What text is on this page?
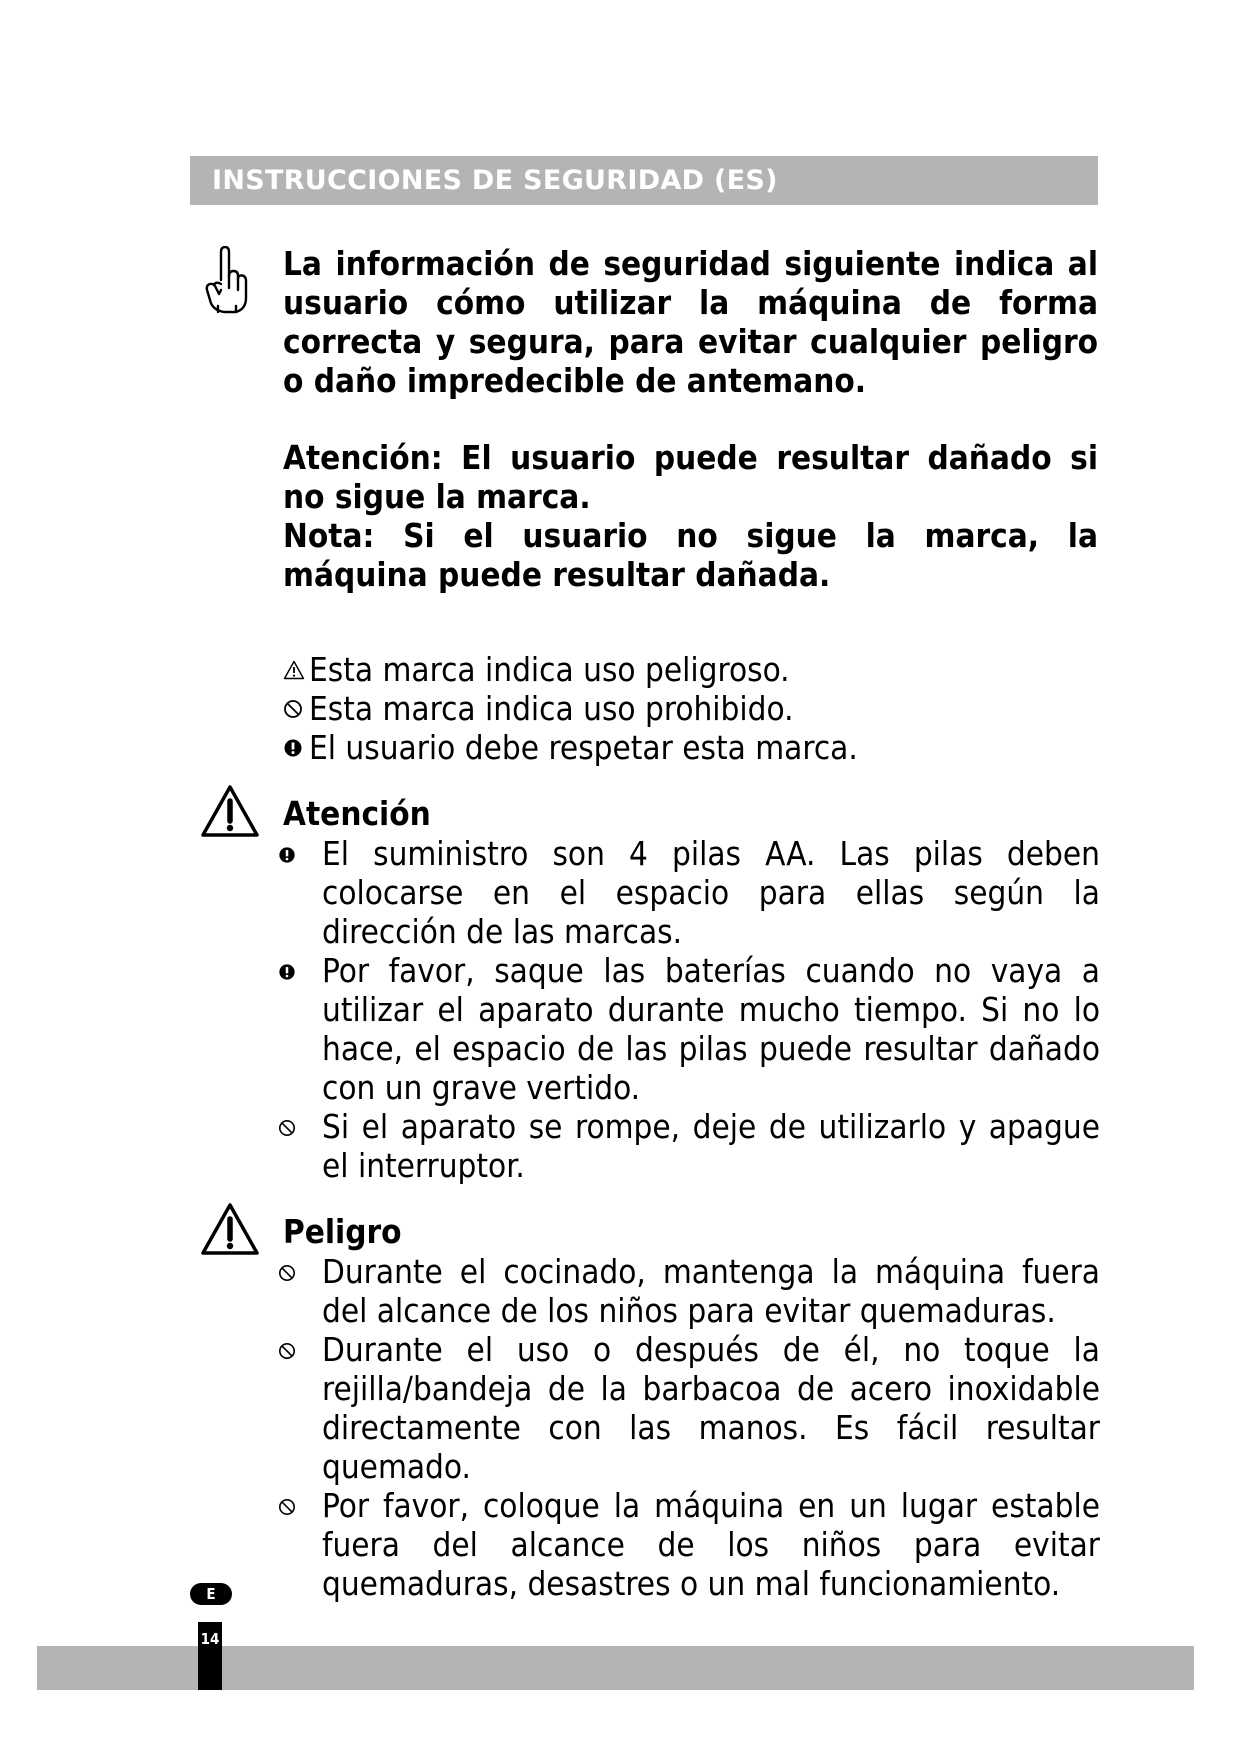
INSTRUCCIONES DE SEGURIDAD (ES)

La información de seguridad siguiente indica al usuario cómo utilizar la máquina de forma correcta y segura, para evitar cualquier peligro o daño impredecible de antemano.

Atención: El usuario puede resultar dañado si no sigue la marca.

Nota: Si el usuario no sigue la marca, la máquina puede resultar dañada.

Esta marca indica uso peligroso.
Esta marca indica uso prohibido.
El usuario debe respetar esta marca.

Atención

El suministro son 4 pilas AA. Las pilas deben colocarse en el espacio para ellas según la dirección de las marcas.
Por favor, saque las baterías cuando no vaya a utilizar el aparato durante mucho tiempo. Si no lo hace, el espacio de las pilas puede resultar dañado con un grave vertido.
Si el aparato se rompe, deje de utilizarlo y apague el interruptor.

Peligro

Durante el cocinado, mantenga la máquina fuera del alcance de los niños para evitar quemaduras.
Durante el uso o después de él, no toque la rejilla/bandeja de la barbacoa de acero inoxidable directamente con las manos. Es fácil resultar quemado.
Por favor, coloque la máquina en un lugar estable fuera del alcance de los niños para evitar quemaduras, desastres o un mal funcionamiento.
E
14
